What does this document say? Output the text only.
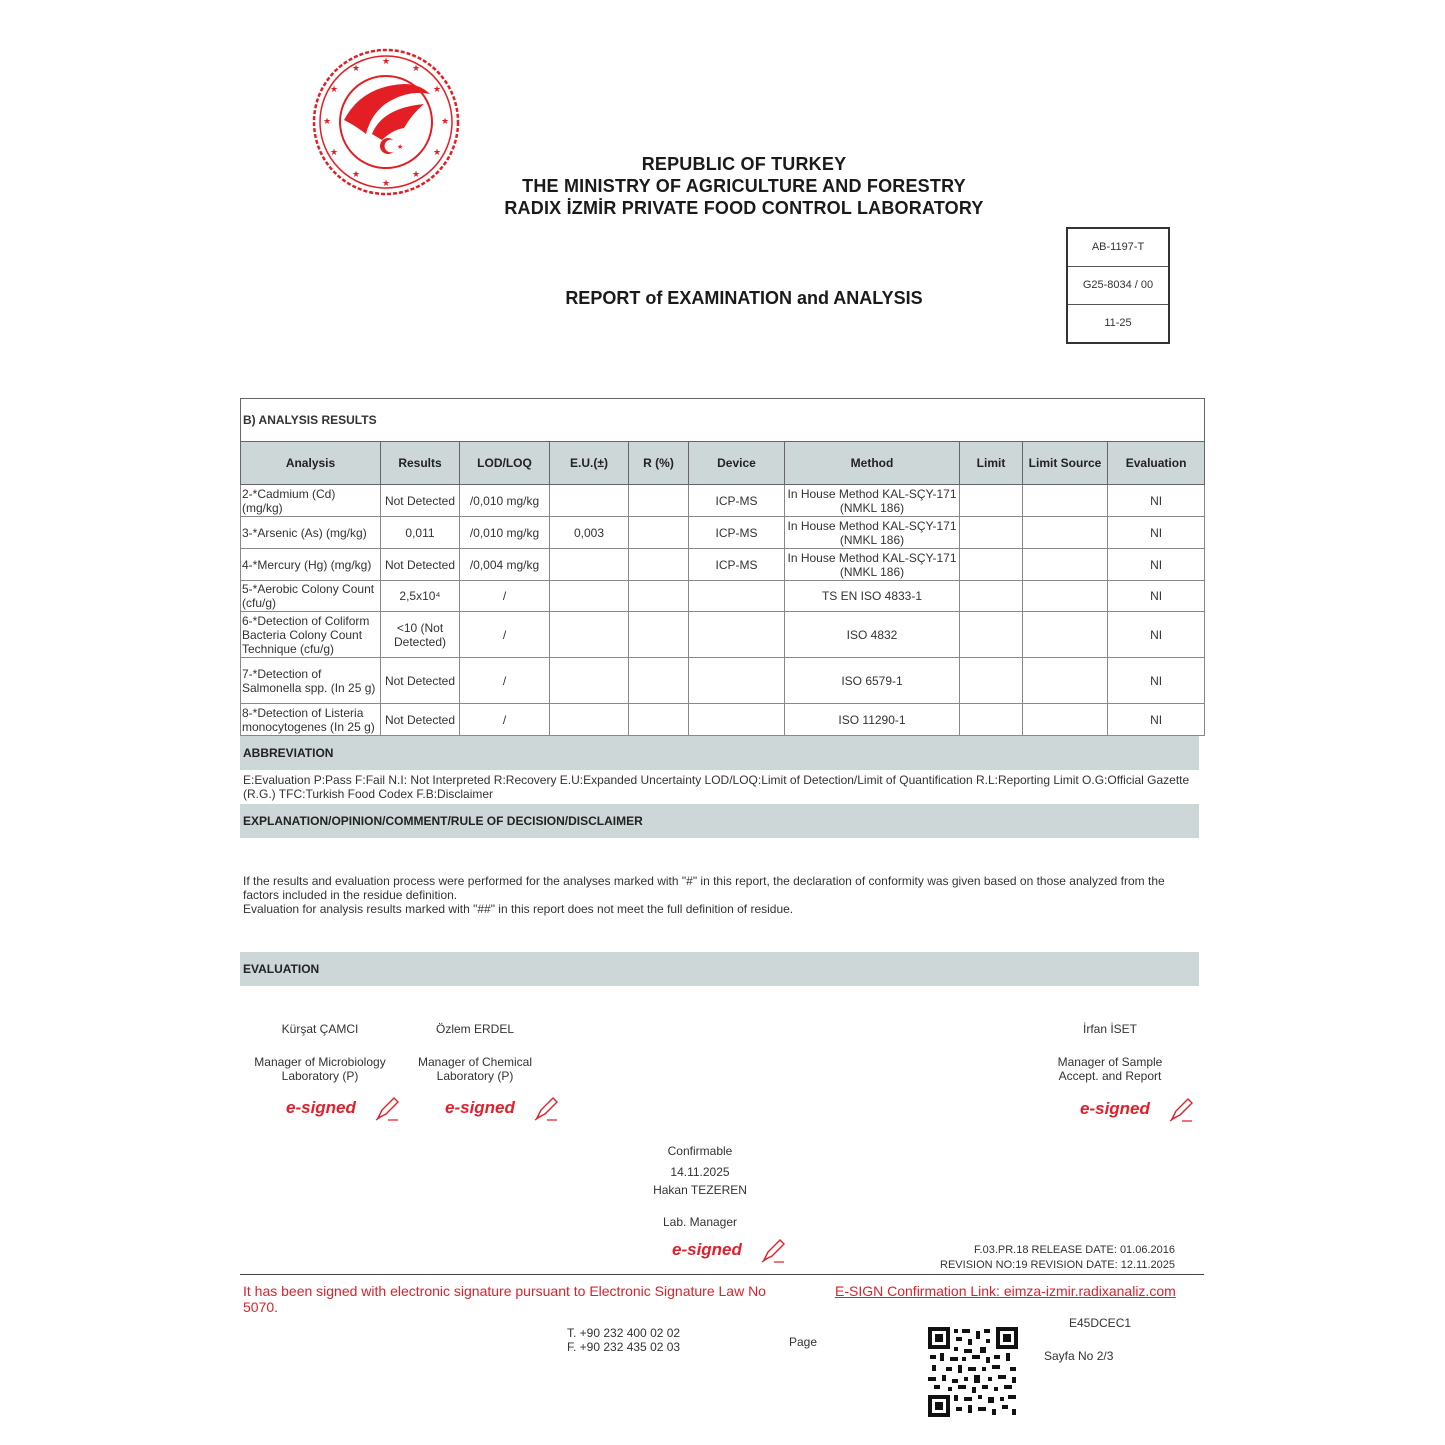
★
★
★
★
★
★
★
★
★
★
★
★
★
REPUBLIC OF TURKEY
THE MINISTRY OF AGRICULTURE AND FORESTRY
RADIX İZMİR PRIVATE FOOD CONTROL LABORATORY
REPORT of EXAMINATION and ANALYSIS
AB-1197-T
G25-8034 / 00
11-25
B) ANALYSIS RESULTS									
Analysis	Results	LOD/LOQ	E.U.(±)	R (%)	Device	Method	Limit	Limit Source	Evaluation
2-*Cadmium (Cd) (mg/kg)	Not Detected	/0,010 mg/kg			ICP-MS	In House Method KAL-SÇY-171 (NMKL 186)			NI
3-*Arsenic (As) (mg/kg)	0,011	/0,010 mg/kg	0,003		ICP-MS	In House Method KAL-SÇY-171 (NMKL 186)			NI
4-*Mercury (Hg) (mg/kg)	Not Detected	/0,004 mg/kg			ICP-MS	In House Method KAL-SÇY-171 (NMKL 186)			NI
5-*Aerobic Colony Count (cfu/g)	2,5x10⁴	/				TS EN ISO 4833-1			NI
6-*Detection of Coliform Bacteria Colony Count Technique (cfu/g)	<10 (Not Detected)	/				ISO 4832			NI
7-*Detection of Salmonella spp. (In 25 g)	Not Detected	/				ISO 6579-1			NI
8-*Detection of Listeria monocytogenes (In 25 g)	Not Detected	/				ISO 11290-1			NI
ABBREVIATION
E:Evaluation P:Pass F:Fail N.I: Not Interpreted R:Recovery E.U:Expanded Uncertainty LOD/LOQ:Limit of Detection/Limit of Quantification R.L:Reporting Limit O.G:Official Gazette (R.G.) TFC:Turkish Food Codex F.B:Disclaimer
EXPLANATION/OPINION/COMMENT/RULE OF DECISION/DISCLAIMER
If the results and evaluation process were performed for the analyses marked with "#" in this report, the declaration of conformity was given based on those analyzed from the factors included in the residue definition.
Evaluation for analysis results marked with "##" in this report does not meet the full definition of residue.
EVALUATION
Kürşat ÇAMCI
Manager of Microbiology
Laboratory (P)
Özlem ERDEL
Manager of Chemical
Laboratory (P)
İrfan İSET
Manager of Sample
Accept. and Report
e-signed	e-signed	e-signed
Confirmable
14.11.2025
Hakan TEZEREN
Lab. Manager
e-signed	F.03.PR.18 RELEASE DATE: 01.06.2016
REVISION NO:19 REVISION DATE: 12.11.2025
It has been signed with electronic signature pursuant to Electronic Signature Law No 5070.
E-SIGN Confirmation Link: eimza-izmir.radixanaliz.com
T. +90 232 400 02 02
F. +90 232 435 02 03	Page
E45DCEC1
Sayfa No 2/3
